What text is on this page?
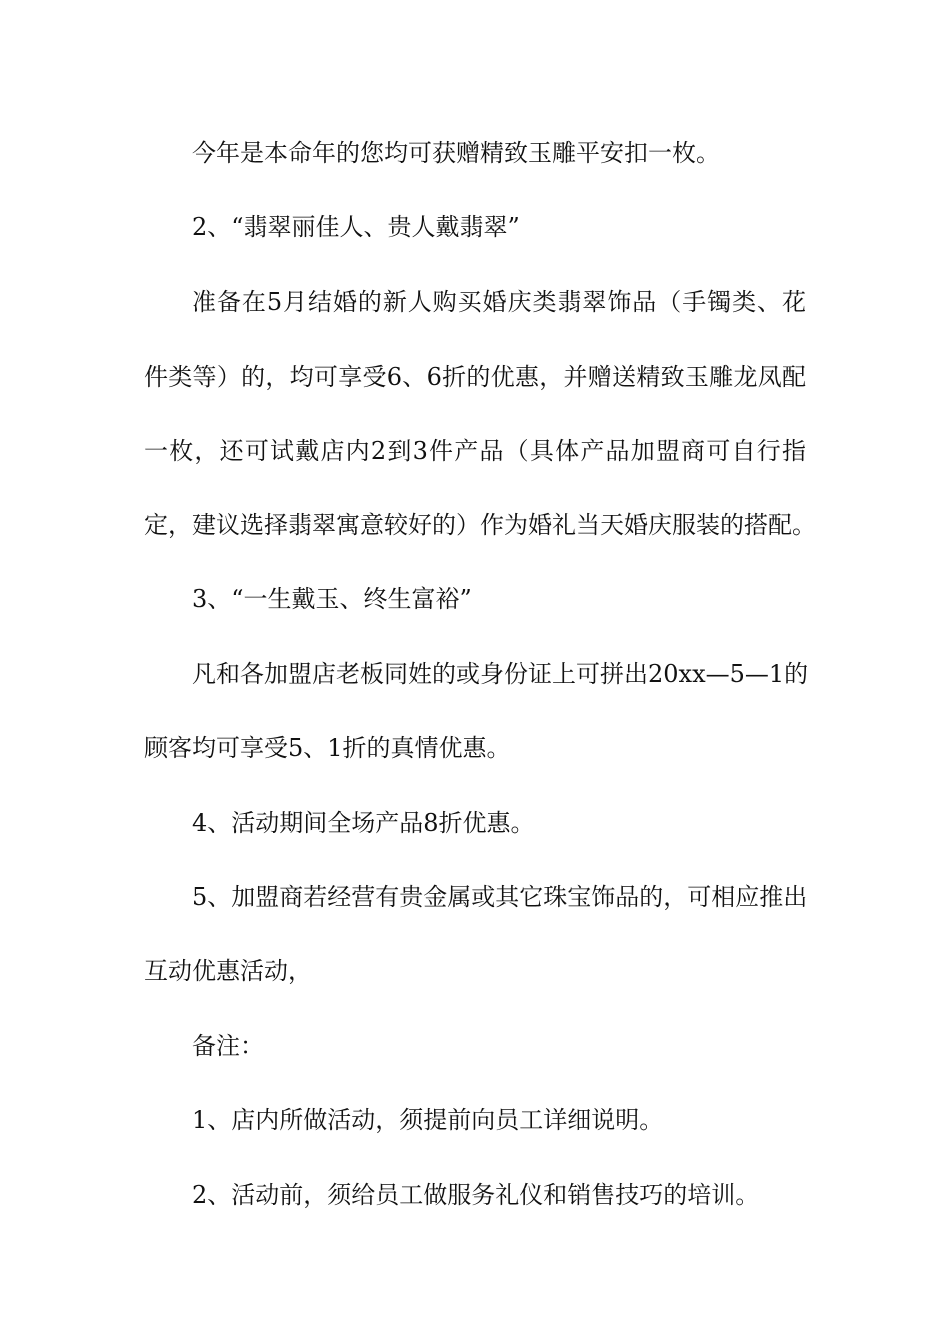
今年是本命年的您均可获赠精致玉雕平安扣一枚。
2、“翡翠丽佳人、贵人戴翡翠”
准备在5月结婚的新人购买婚庆类翡翠饰品（手镯类、花
件类等）的，均可享受6、6折的优惠，并赠送精致玉雕龙凤配
一枚，还可试戴店内2到3件产品（具体产品加盟商可自行指
定，建议选择翡翠寓意较好的）作为婚礼当天婚庆服装的搭配。
3、“一生戴玉、终生富裕”
凡和各加盟店老板同姓的或身份证上可拼出20xx—5—1的
顾客均可享受5、1折的真情优惠。
4、活动期间全场产品8折优惠。
5、加盟商若经营有贵金属或其它珠宝饰品的，可相应推出
互动优惠活动，
备注：
1、店内所做活动，须提前向员工详细说明。
2、活动前，须给员工做服务礼仪和销售技巧的培训。
